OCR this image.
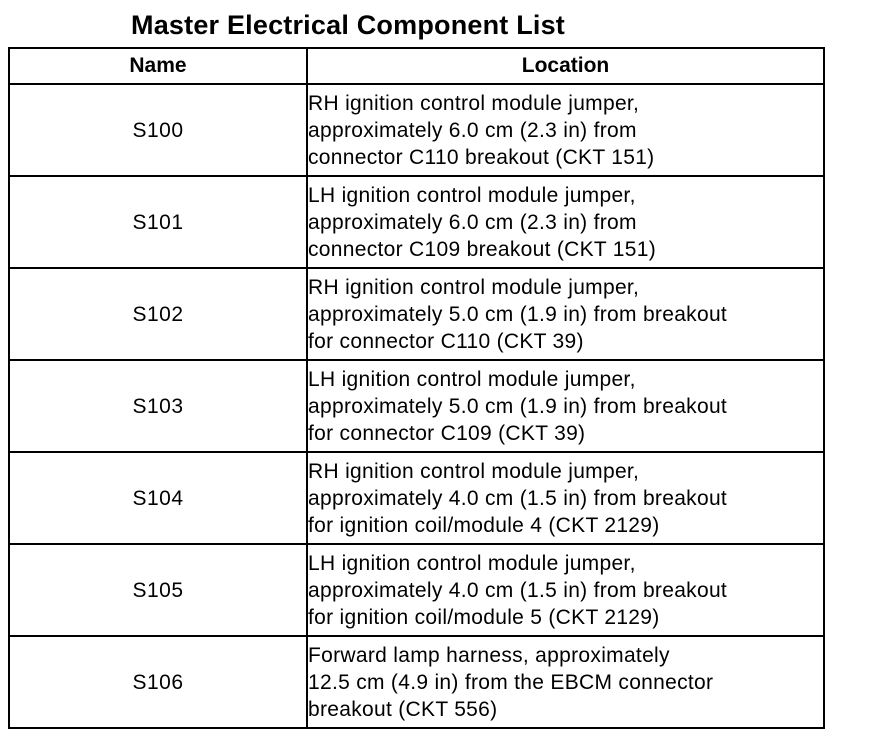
Master Electrical Component List
Name	Location
S100	RH ignition control module jumper,
approximately 6.0 cm (2.3 in) from
connector C110 breakout (CKT 151)

S101	LH ignition control module jumper,
approximately 6.0 cm (2.3 in) from
connector C109 breakout (CKT 151)

S102	RH ignition control module jumper,
approximately 5.0 cm (1.9 in) from breakout
for connector C110 (CKT 39)

S103	LH ignition control module jumper,
approximately 5.0 cm (1.9 in) from breakout
for connector C109 (CKT 39)

S104	RH ignition control module jumper,
approximately 4.0 cm (1.5 in) from breakout
for ignition coil/module 4 (CKT 2129)

S105	LH ignition control module jumper,
approximately 4.0 cm (1.5 in) from breakout
for ignition coil/module 5 (CKT 2129)

S106	Forward lamp harness, approximately
12.5 cm (4.9 in) from the EBCM connector
breakout (CKT 556)
